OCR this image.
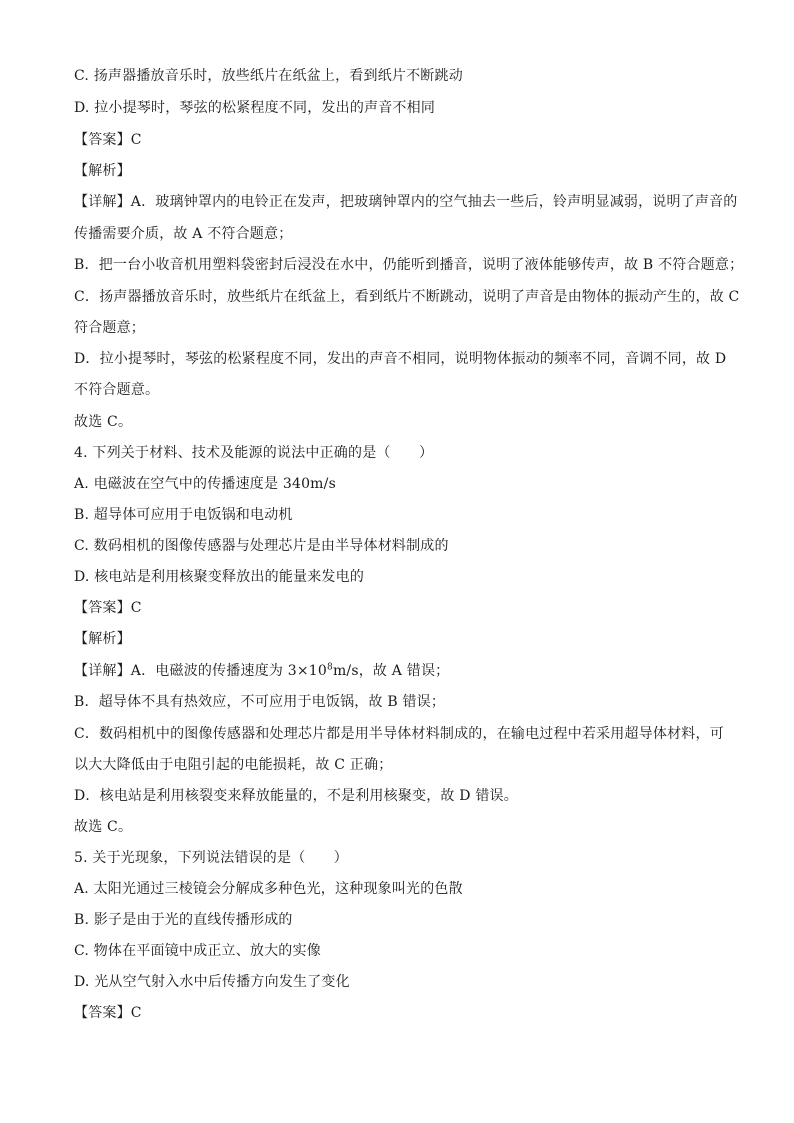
C. 扬声器播放音乐时，放些纸片在纸盆上，看到纸片不断跳动
D. 拉小提琴时，琴弦的松紧程度不同，发出的声音不相同
【答案】C
【解析】
【详解】A．玻璃钟罩内的电铃正在发声，把玻璃钟罩内的空气抽去一些后，铃声明显减弱，说明了声音的
传播需要介质，故 A 不符合题意；
B．把一台小收音机用塑料袋密封后浸没在水中，仍能听到播音，说明了液体能够传声，故 B 不符合题意；
C．扬声器播放音乐时，放些纸片在纸盆上，看到纸片不断跳动，说明了声音是由物体的振动产生的，故 C
符合题意；
D．拉小提琴时，琴弦的松紧程度不同，发出的声音不相同，说明物体振动的频率不同，音调不同，故 D
不符合题意。
故选 C。
4. 下列关于材料、技术及能源的说法中正确的是（　　）
A. 电磁波在空气中的传播速度是 340m/s
B. 超导体可应用于电饭锅和电动机
C. 数码相机的图像传感器与处理芯片是由半导体材料制成的
D. 核电站是利用核聚变释放出的能量来发电的
【答案】C
【解析】
【详解】A．电磁波的传播速度为 $3\times 10^8m/s$，故 A 错误；
B．超导体不具有热效应，不可应用于电饭锅，故 B 错误；
C．数码相机中的图像传感器和处理芯片都是用半导体材料制成的，在输电过程中若采用超导体材料，可
以大大降低由于电阻引起的电能损耗，故 C 正确；
D．核电站是利用核裂变来释放能量的，不是利用核聚变，故 D 错误。
故选 C。
5. 关于光现象，下列说法错误的是（　　）
A. 太阳光通过三棱镜会分解成多种色光，这种现象叫光的色散
B. 影子是由于光的直线传播形成的
C. 物体在平面镜中成正立、放大的实像
D. 光从空气射入水中后传播方向发生了变化
【答案】C
